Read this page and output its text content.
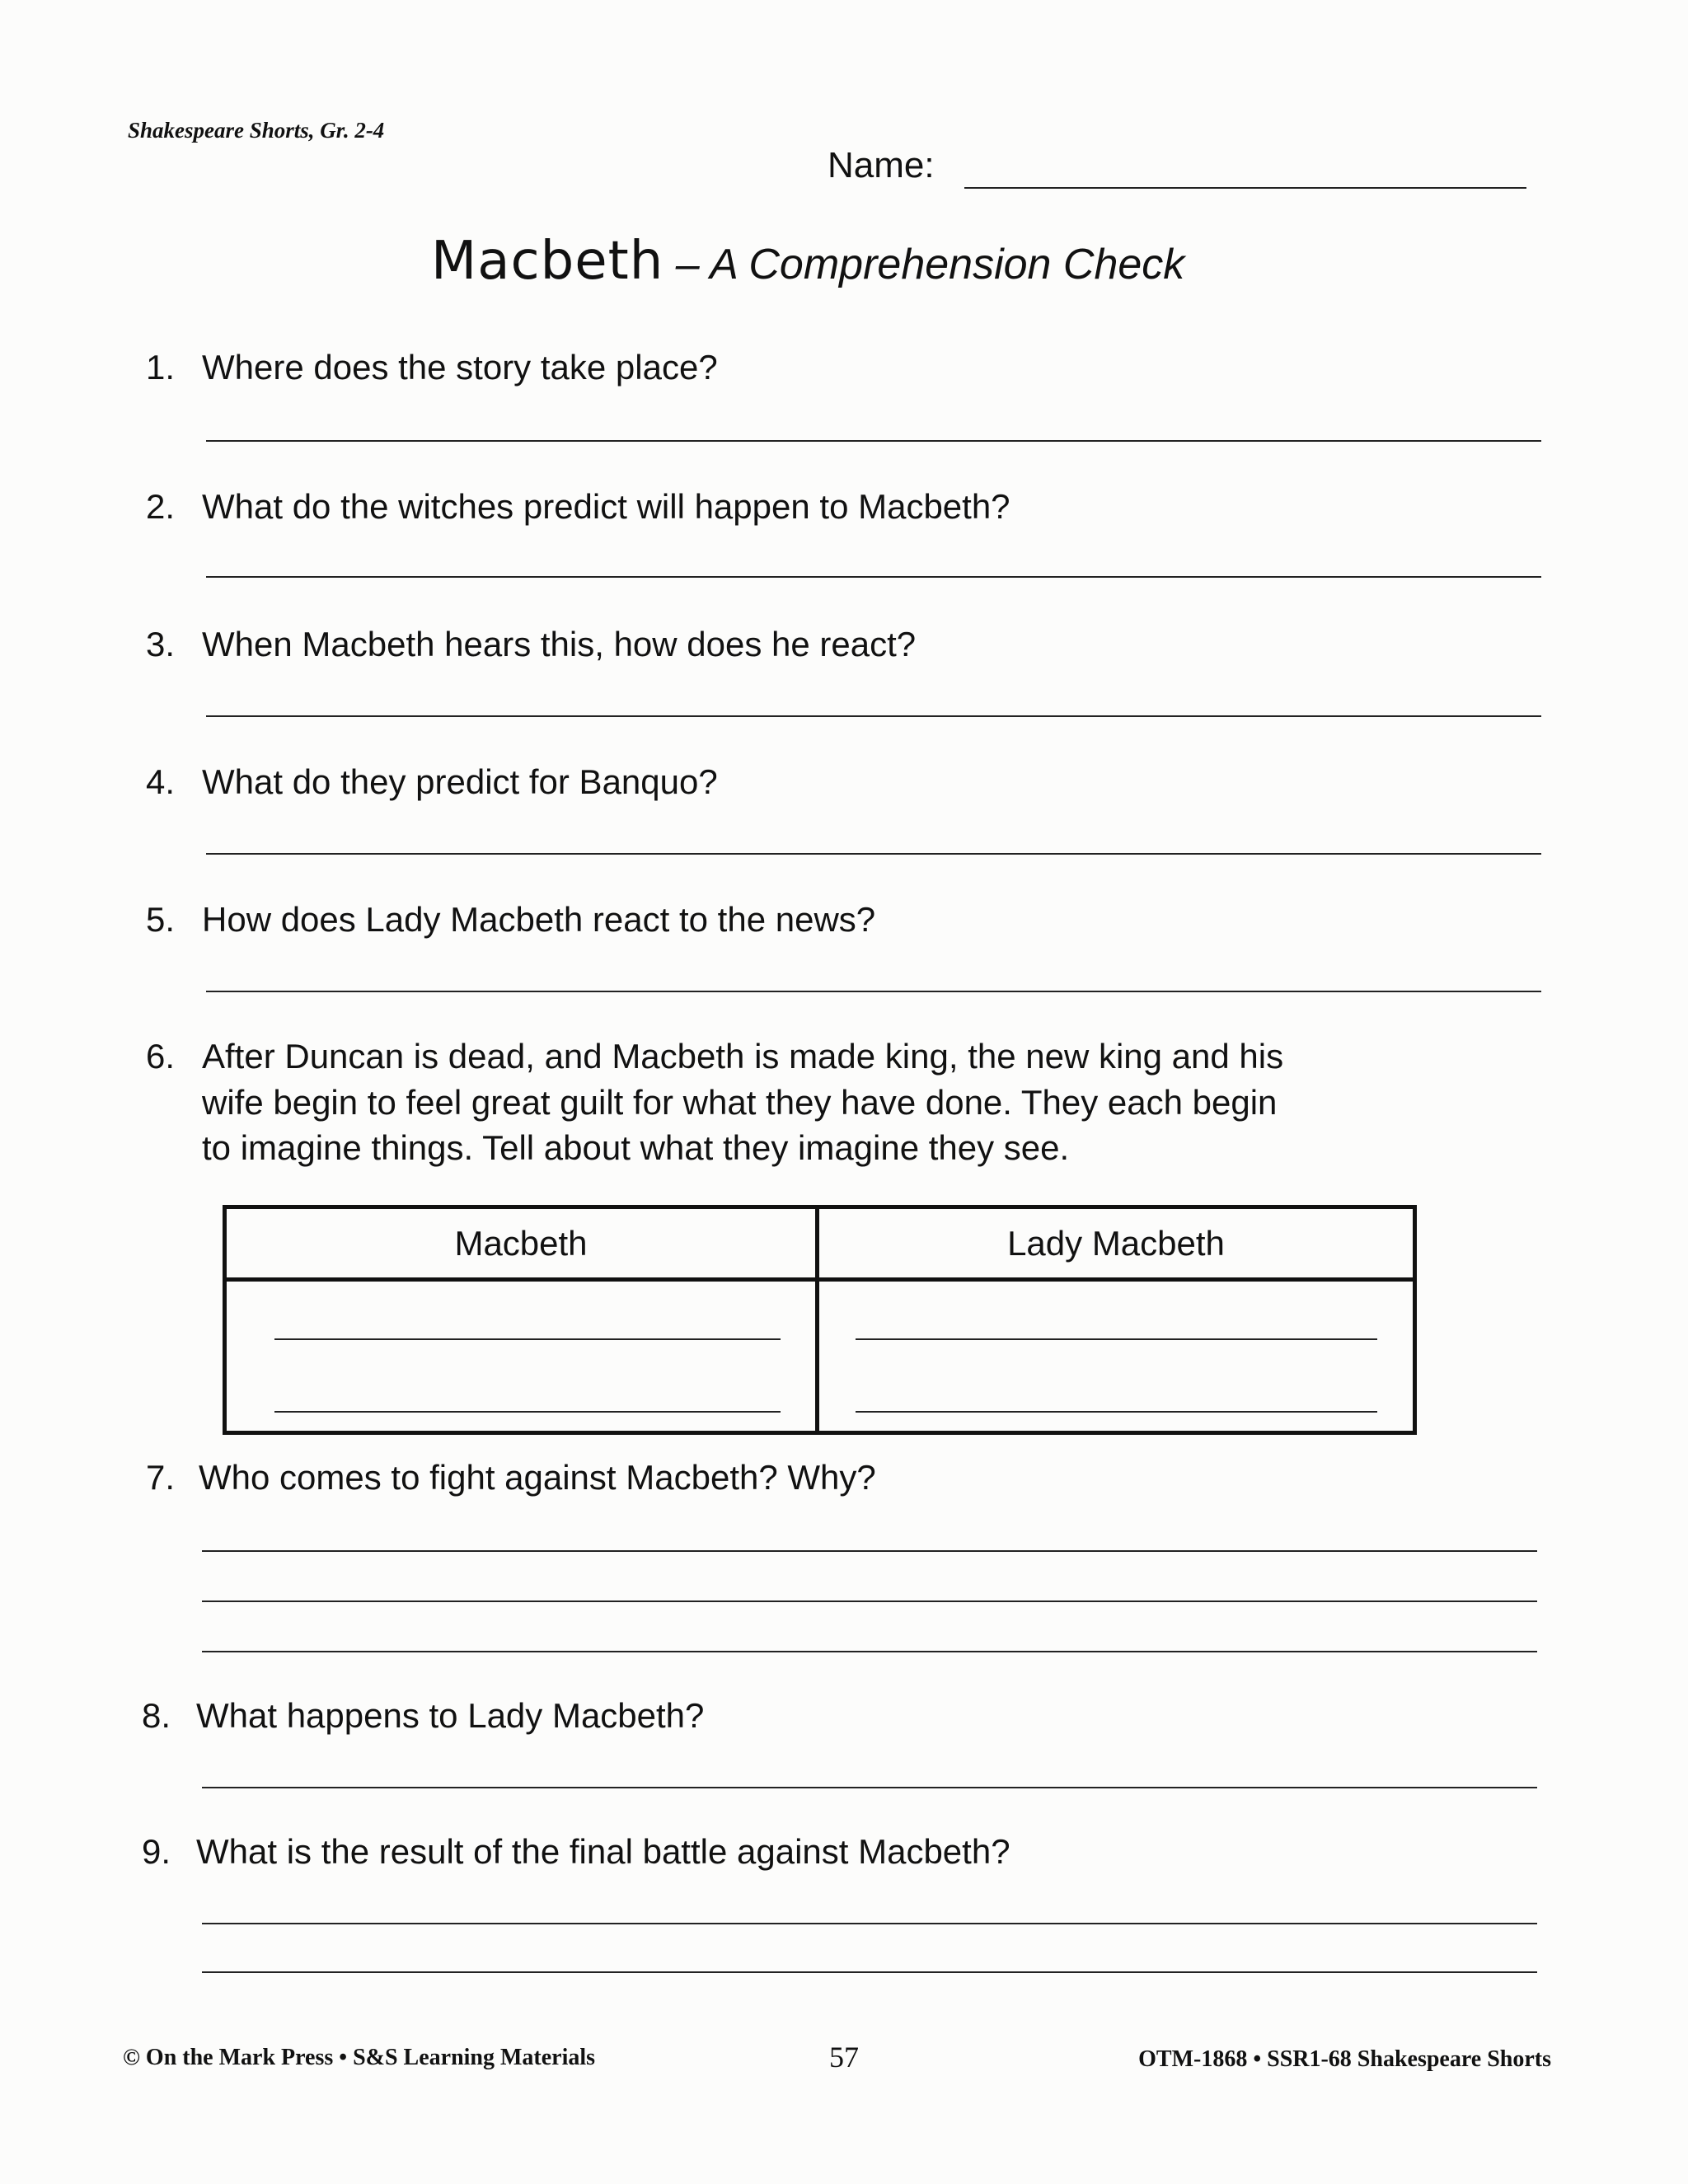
Shakespeare Shorts, Gr. 2-4
Name:
Macbeth – A Comprehension Check
1. Where does the story take place?
2. What do the witches predict will happen to Macbeth?
3. When Macbeth hears this, how does he react?
4. What do they predict for Banquo?
5. How does Lady Macbeth react to the news?
6. After Duncan is dead, and Macbeth is made king, the new king and his
wife begin to feel great guilt for what they have done. They each begin
to imagine things. Tell about what they imagine they see.
Macbeth	Lady Macbeth
7. Who comes to fight against Macbeth? Why?
8. What happens to Lady Macbeth?
9. What is the result of the final battle against Macbeth?
© On the Mark Press • S&S Learning Materials	57	OTM-1868 • SSR1-68 Shakespeare Shorts
